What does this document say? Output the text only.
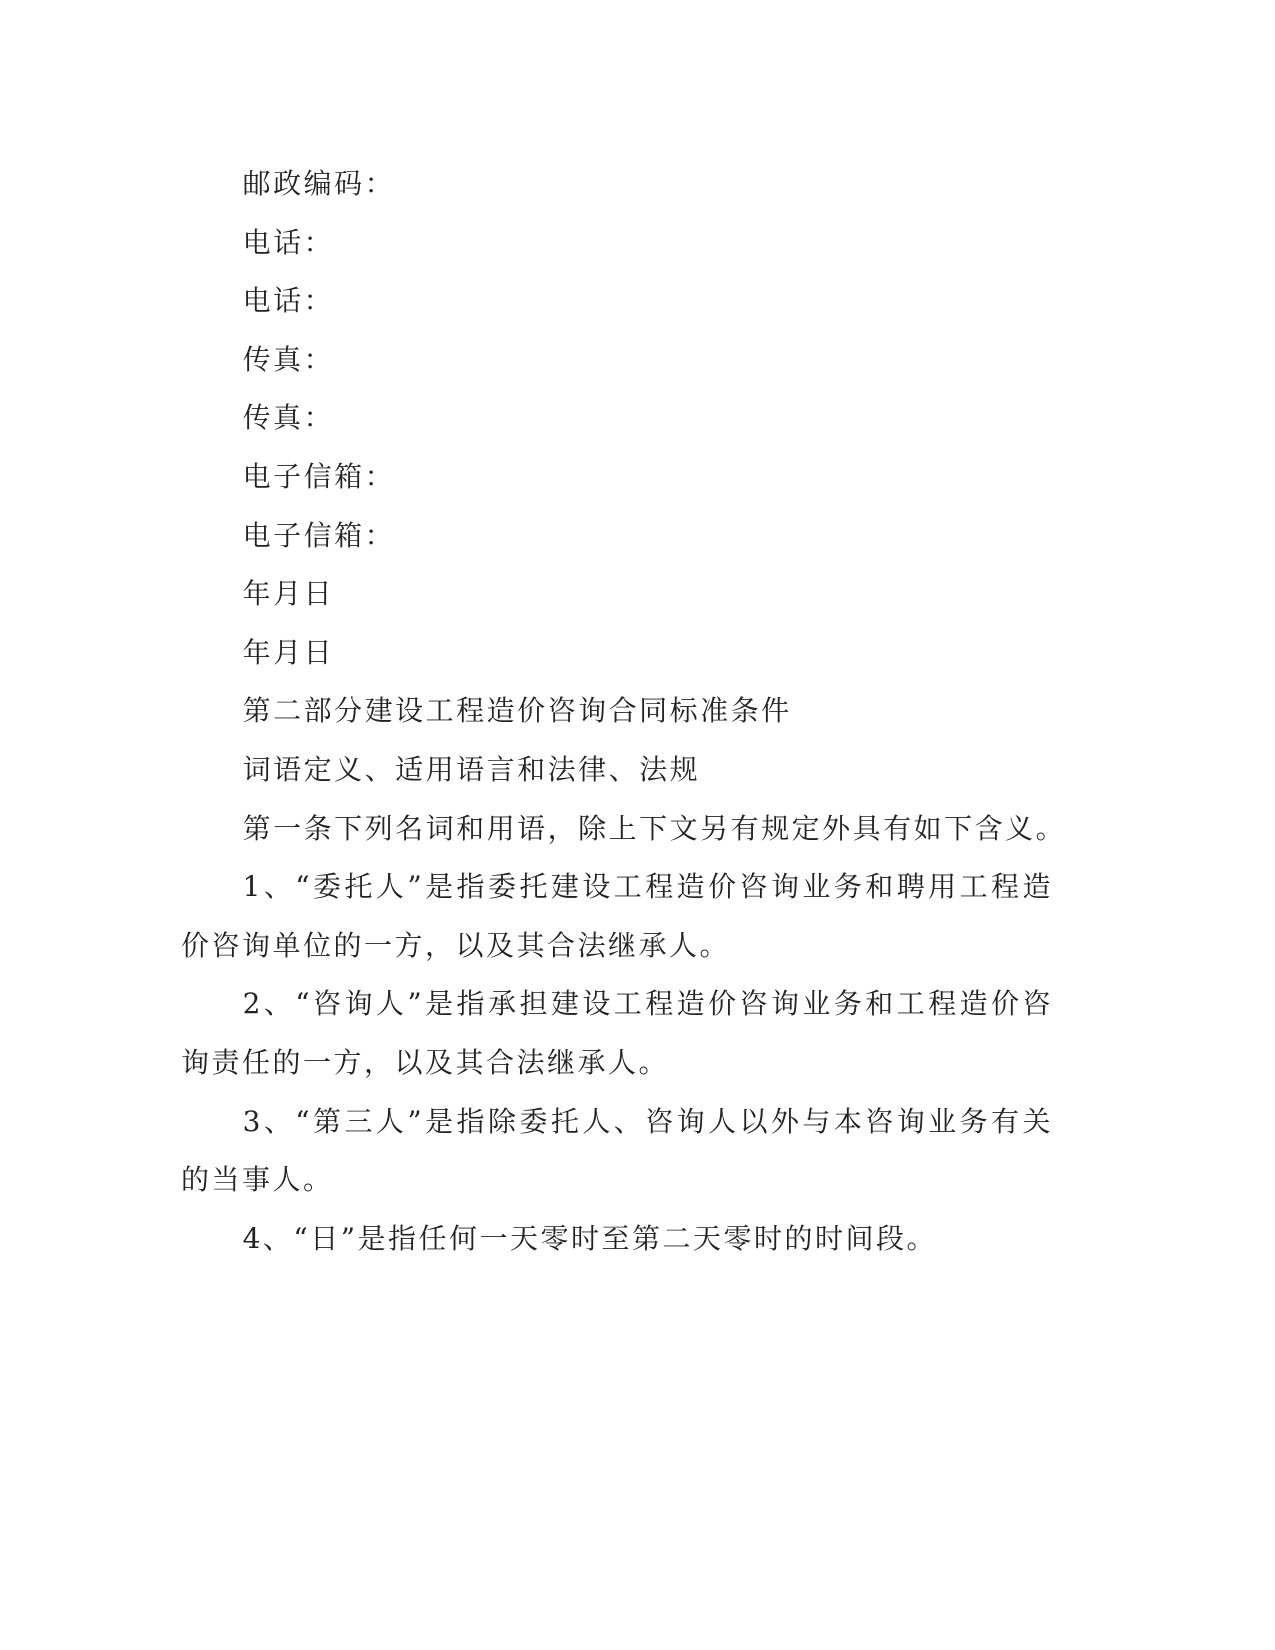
邮政编码：

电话：

电话：

传真：

传真：

电子信箱：

电子信箱：

年月日

年月日

第二部分建设工程造价咨询合同标准条件

词语定义、适用语言和法律、法规

第一条下列名词和用语，除上下文另有规定外具有如下含义。

1、“委托人”是指委托建设工程造价咨询业务和聘用工程造价咨询单位的一方，以及其合法继承人。

2、“咨询人”是指承担建设工程造价咨询业务和工程造价咨询责任的一方，以及其合法继承人。

3、“第三人”是指除委托人、咨询人以外与本咨询业务有关的当事人。

4、“日”是指任何一天零时至第二天零时的时间段。
